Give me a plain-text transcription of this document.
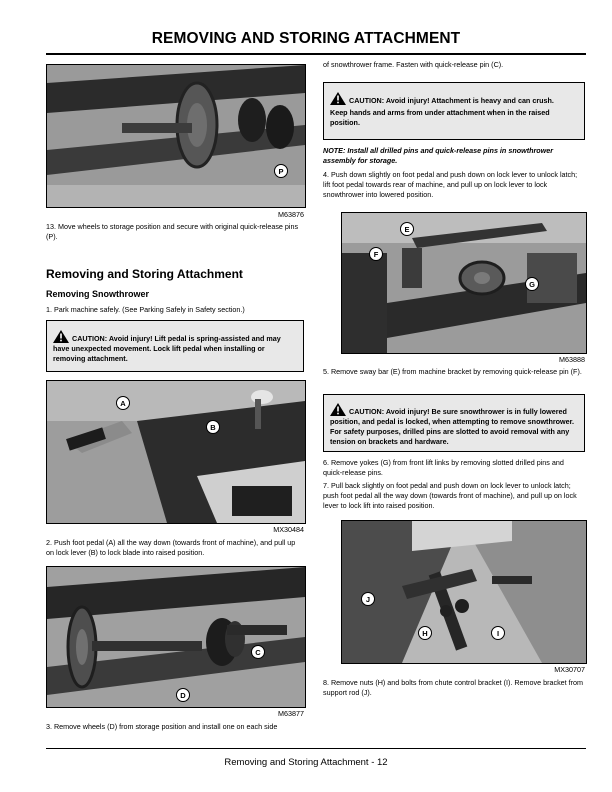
REMOVING AND STORING ATTACHMENT
P
M63876

13. Move wheels to storage position and secure with original quick-release pins (P).

Removing and Storing Attachment
Removing Snowthrower

1. Park machine safely. (See Parking Safely in Safety section.)

CAUTION: Avoid injury! Lift pedal is spring-assisted and may have unexpected movement. Lock lift pedal when installing or removing attachment.
A
B
MX30484

2. Push foot pedal (A) all the way down (towards front of machine), and pull up on lock lever (B) to lock blade into raised position.

C
D
M63877

3. Remove wheels (D) from storage position and install one on each side

of snowthrower frame. Fasten with quick-release pin (C).

CAUTION: Avoid injury! Attachment is heavy and can crush.
Keep hands and arms from under attachment when in the raised position.

NOTE: Install all drilled pins and quick-release pins in snowthrower assembly for storage.

4. Push down slightly on foot pedal and push down on lock lever to unlock latch; lift foot pedal towards rear of machine, and pull up on lock lever to lock snowthrower into lowered position.

E
F
G
M63888

5. Remove sway bar (E) from machine bracket by removing quick-release pin (F).

CAUTION: Avoid injury! Be sure snowthrower is in fully lowered position, and pedal is locked, when attempting to remove snowthrower. For safety purposes, drilled pins are slotted to avoid removal with any tension on brackets and hardware.

6. Remove yokes (G) from front lift links by removing slotted drilled pins and quick-release pins.

7. Pull back slightly on foot pedal and push down on lock lever to unlock latch; push foot pedal all the way down (towards front of machine), and pull up on lock lever to lock lift into raised position.

J
H	I
MX30707

8. Remove nuts (H) and bolts from chute control bracket (I). Remove bracket from support rod (J).

Removing and Storing Attachment - 12
